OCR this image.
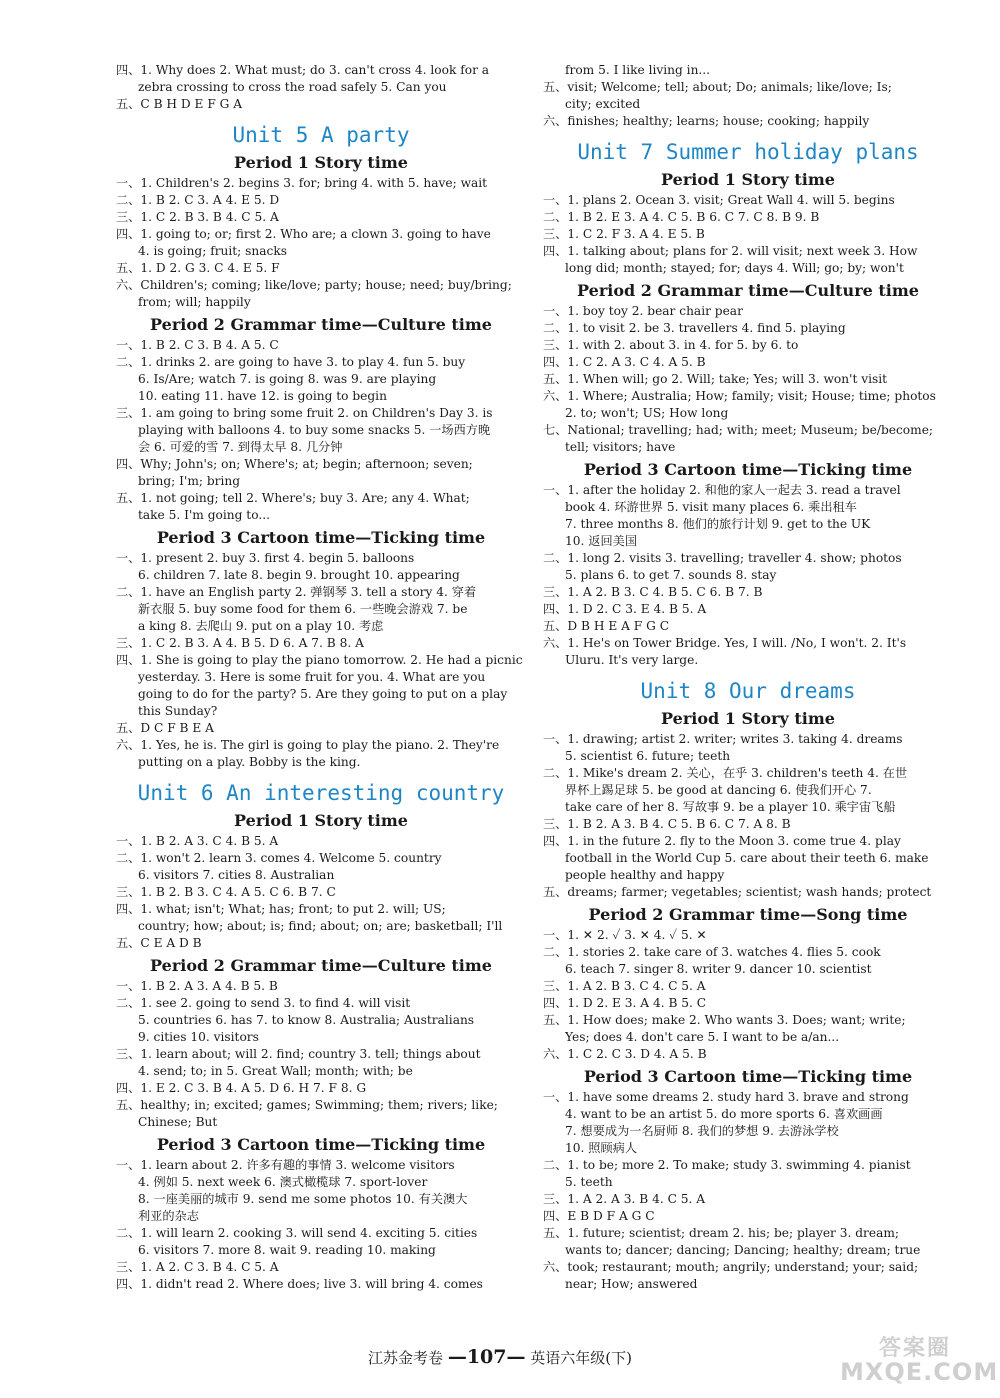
四、1. Why does 2. What must; do 3. can't cross 4. look for a
zebra crossing to cross the road safely 5. Can you
五、C B H D E F G A
Unit 5 A party
Period 1 Story time
一、1. Children's 2. begins 3. for; bring 4. with 5. have; wait
二、1. B 2. C 3. A 4. E 5. D
三、1. C 2. B 3. B 4. C 5. A
四、1. going to; or; first 2. Who are; a clown 3. going to have
4. is going; fruit; snacks
五、1. D 2. G 3. C 4. E 5. F
六、Children's; coming; like/love; party; house; need; buy/bring;
from; will; happily
Period 2 Grammar time—Culture time
一、1. B 2. C 3. B 4. A 5. C
二、1. drinks 2. are going to have 3. to play 4. fun 5. buy
6. Is/Are; watch 7. is going 8. was 9. are playing
10. eating 11. have 12. is going to begin
三、1. am going to bring some fruit 2. on Children's Day 3. is
playing with balloons 4. to buy some snacks 5. 一场西方晚
会 6. 可爱的雪 7. 到得太早 8. 几分钟
四、Why; John's; on; Where's; at; begin; afternoon; seven;
bring; I'm; bring
五、1. not going; tell 2. Where's; buy 3. Are; any 4. What;
take 5. I'm going to...
Period 3 Cartoon time—Ticking time
一、1. present 2. buy 3. first 4. begin 5. balloons
6. children 7. late 8. begin 9. brought 10. appearing
二、1. have an English party 2. 弹钢琴 3. tell a story 4. 穿着
新衣服 5. buy some food for them 6. 一些晚会游戏 7. be
a king 8. 去爬山 9. put on a play 10. 考虑
三、1. C 2. B 3. A 4. B 5. D 6. A 7. B 8. A
四、1. She is going to play the piano tomorrow. 2. He had a picnic
yesterday. 3. Here is some fruit for you. 4. What are you
going to do for the party? 5. Are they going to put on a play
this Sunday?
五、D C F B E A
六、1. Yes, he is. The girl is going to play the piano. 2. They're
putting on a play. Bobby is the king.
Unit 6 An interesting country
Period 1 Story time
一、1. B 2. A 3. C 4. B 5. A
二、1. won't 2. learn 3. comes 4. Welcome 5. country
6. visitors 7. cities 8. Australian
三、1. B 2. B 3. C 4. A 5. C 6. B 7. C
四、1. what; isn't; What; has; front; to put 2. will; US;
country; how; about; is; find; about; on; are; basketball; I'll
五、C E A D B
Period 2 Grammar time—Culture time
一、1. B 2. A 3. A 4. B 5. B
二、1. see 2. going to send 3. to find 4. will visit
5. countries 6. has 7. to know 8. Australia; Australians
9. cities 10. visitors
三、1. learn about; will 2. find; country 3. tell; things about
4. send; to; in 5. Great Wall; month; with; be
四、1. E 2. C 3. B 4. A 5. D 6. H 7. F 8. G
五、healthy; in; excited; games; Swimming; them; rivers; like;
Chinese; But
Period 3 Cartoon time—Ticking time
一、1. learn about 2. 许多有趣的事情 3. welcome visitors
4. 例如 5. next week 6. 澳式橄榄球 7. sport-lover
8. 一座美丽的城市 9. send me some photos 10. 有关澳大
利亚的杂志
二、1. will learn 2. cooking 3. will send 4. exciting 5. cities
6. visitors 7. more 8. wait 9. reading 10. making
三、1. A 2. C 3. B 4. C 5. A
四、1. didn't read 2. Where does; live 3. will bring 4. comes
from 5. I like living in...
五、visit; Welcome; tell; about; Do; animals; like/love; Is;
city; excited
六、finishes; healthy; learns; house; cooking; happily
Unit 7 Summer holiday plans
Period 1 Story time
一、1. plans 2. Ocean 3. visit; Great Wall 4. will 5. begins
二、1. B 2. E 3. A 4. C 5. B 6. C 7. C 8. B 9. B
三、1. C 2. F 3. A 4. E 5. B
四、1. talking about; plans for 2. will visit; next week 3. How
long did; month; stayed; for; days 4. Will; go; by; won't
Period 2 Grammar time—Culture time
一、1. boy toy 2. bear chair pear
二、1. to visit 2. be 3. travellers 4. find 5. playing
三、1. with 2. about 3. in 4. for 5. by 6. to
四、1. C 2. A 3. C 4. A 5. B
五、1. When will; go 2. Will; take; Yes; will 3. won't visit
六、1. Where; Australia; How; family; visit; House; time; photos
2. to; won't; US; How long
七、National; travelling; had; with; meet; Museum; be/become;
tell; visitors; have
Period 3 Cartoon time—Ticking time
一、1. after the holiday 2. 和他的家人一起去 3. read a travel
book 4. 环游世界 5. visit many places 6. 乘出租车
7. three months 8. 他们的旅行计划 9. get to the UK
10. 返回美国
二、1. long 2. visits 3. travelling; traveller 4. show; photos
5. plans 6. to get 7. sounds 8. stay
三、1. A 2. B 3. C 4. B 5. C 6. B 7. B
四、1. D 2. C 3. E 4. B 5. A
五、D B H E A F G C
六、1. He's on Tower Bridge. Yes, I will. /No, I won't. 2. It's
Uluru. It's very large.
Unit 8 Our dreams
Period 1 Story time
一、1. drawing; artist 2. writer; writes 3. taking 4. dreams
5. scientist 6. future; teeth
二、1. Mike's dream 2. 关心，在乎 3. children's teeth 4. 在世
界杯上踢足球 5. be good at dancing 6. 使我们开心 7.
take care of her 8. 写故事 9. be a player 10. 乘宇宙飞船
三、1. B 2. A 3. B 4. C 5. B 6. C 7. A 8. B
四、1. in the future 2. fly to the Moon 3. come true 4. play
football in the World Cup 5. care about their teeth 6. make
people healthy and happy
五、dreams; farmer; vegetables; scientist; wash hands; protect
Period 2 Grammar time—Song time
一、1. ✕ 2. ✓ 3. ✕ 4. ✓ 5. ✕
二、1. stories 2. take care of 3. watches 4. flies 5. cook
6. teach 7. singer 8. writer 9. dancer 10. scientist
三、1. A 2. B 3. C 4. C 5. A
四、1. D 2. E 3. A 4. B 5. C
五、1. How does; make 2. Who wants 3. Does; want; write;
Yes; does 4. don't care 5. I want to be a/an...
六、1. C 2. C 3. D 4. A 5. B
Period 3 Cartoon time—Ticking time
一、1. have some dreams 2. study hard 3. brave and strong
4. want to be an artist 5. do more sports 6. 喜欢画画
7. 想要成为一名厨师 8. 我们的梦想 9. 去游泳学校
10. 照顾病人
二、1. to be; more 2. To make; study 3. swimming 4. pianist
5. teeth
三、1. A 2. A 3. B 4. C 5. A
四、E B D F A G C
五、1. future; scientist; dream 2. his; be; player 3. dream;
wants to; dancer; dancing; Dancing; healthy; dream; true
六、took; restaurant; mouth; angrily; understand; your; said;
near; How; answered
江苏金考卷 —107— 英语六年级(下)	答案圈
MXQE.COM
